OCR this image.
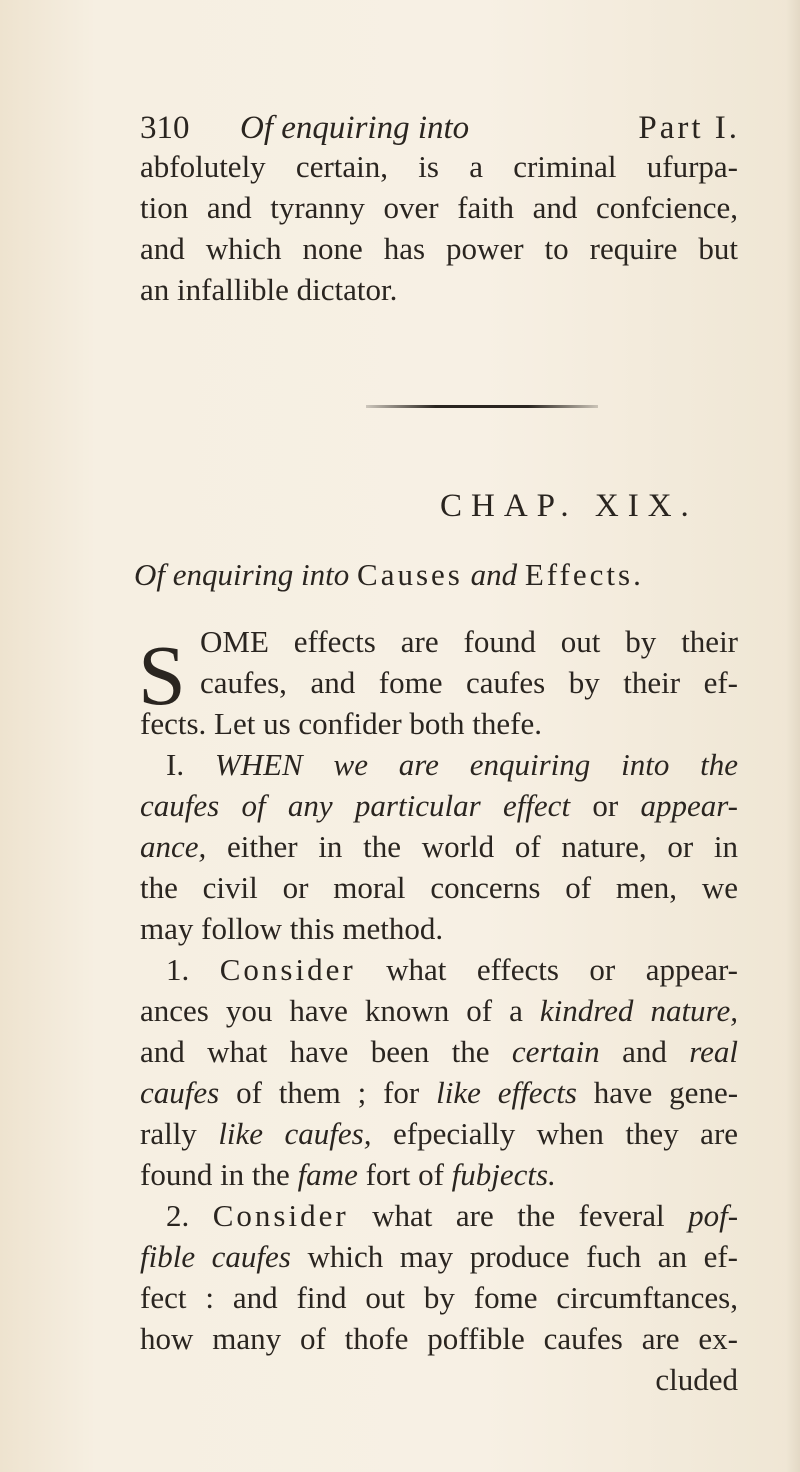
310 Of enquiring into	Part I.
abfolutely certain, is a criminal ufurpa-
tion and tyranny over faith and confcience,
and which none has power to require but
an infallible dictator.
CHAP. XIX.
Of enquiring into Causes and Effects.
S OME effects are found out by their
caufes, and fome caufes by their ef-
fects. Let us confider both thefe.
I. WHEN we are enquiring into the
caufes of any particular effect or appear-
ance, either in the world of nature, or in
the civil or moral concerns of men, we
may follow this method.
1. Consider what effects or appear-
ances you have known of a kindred nature,
and what have been the certain and real
caufes of them ; for like effects have gene-
rally like caufes, efpecially when they are
found in the fame fort of fubjects.
2. Consider what are the feveral pof-
fible caufes which may produce fuch an ef-
fect : and find out by fome circumftances,
how many of thofe poffible caufes are ex-
cluded
